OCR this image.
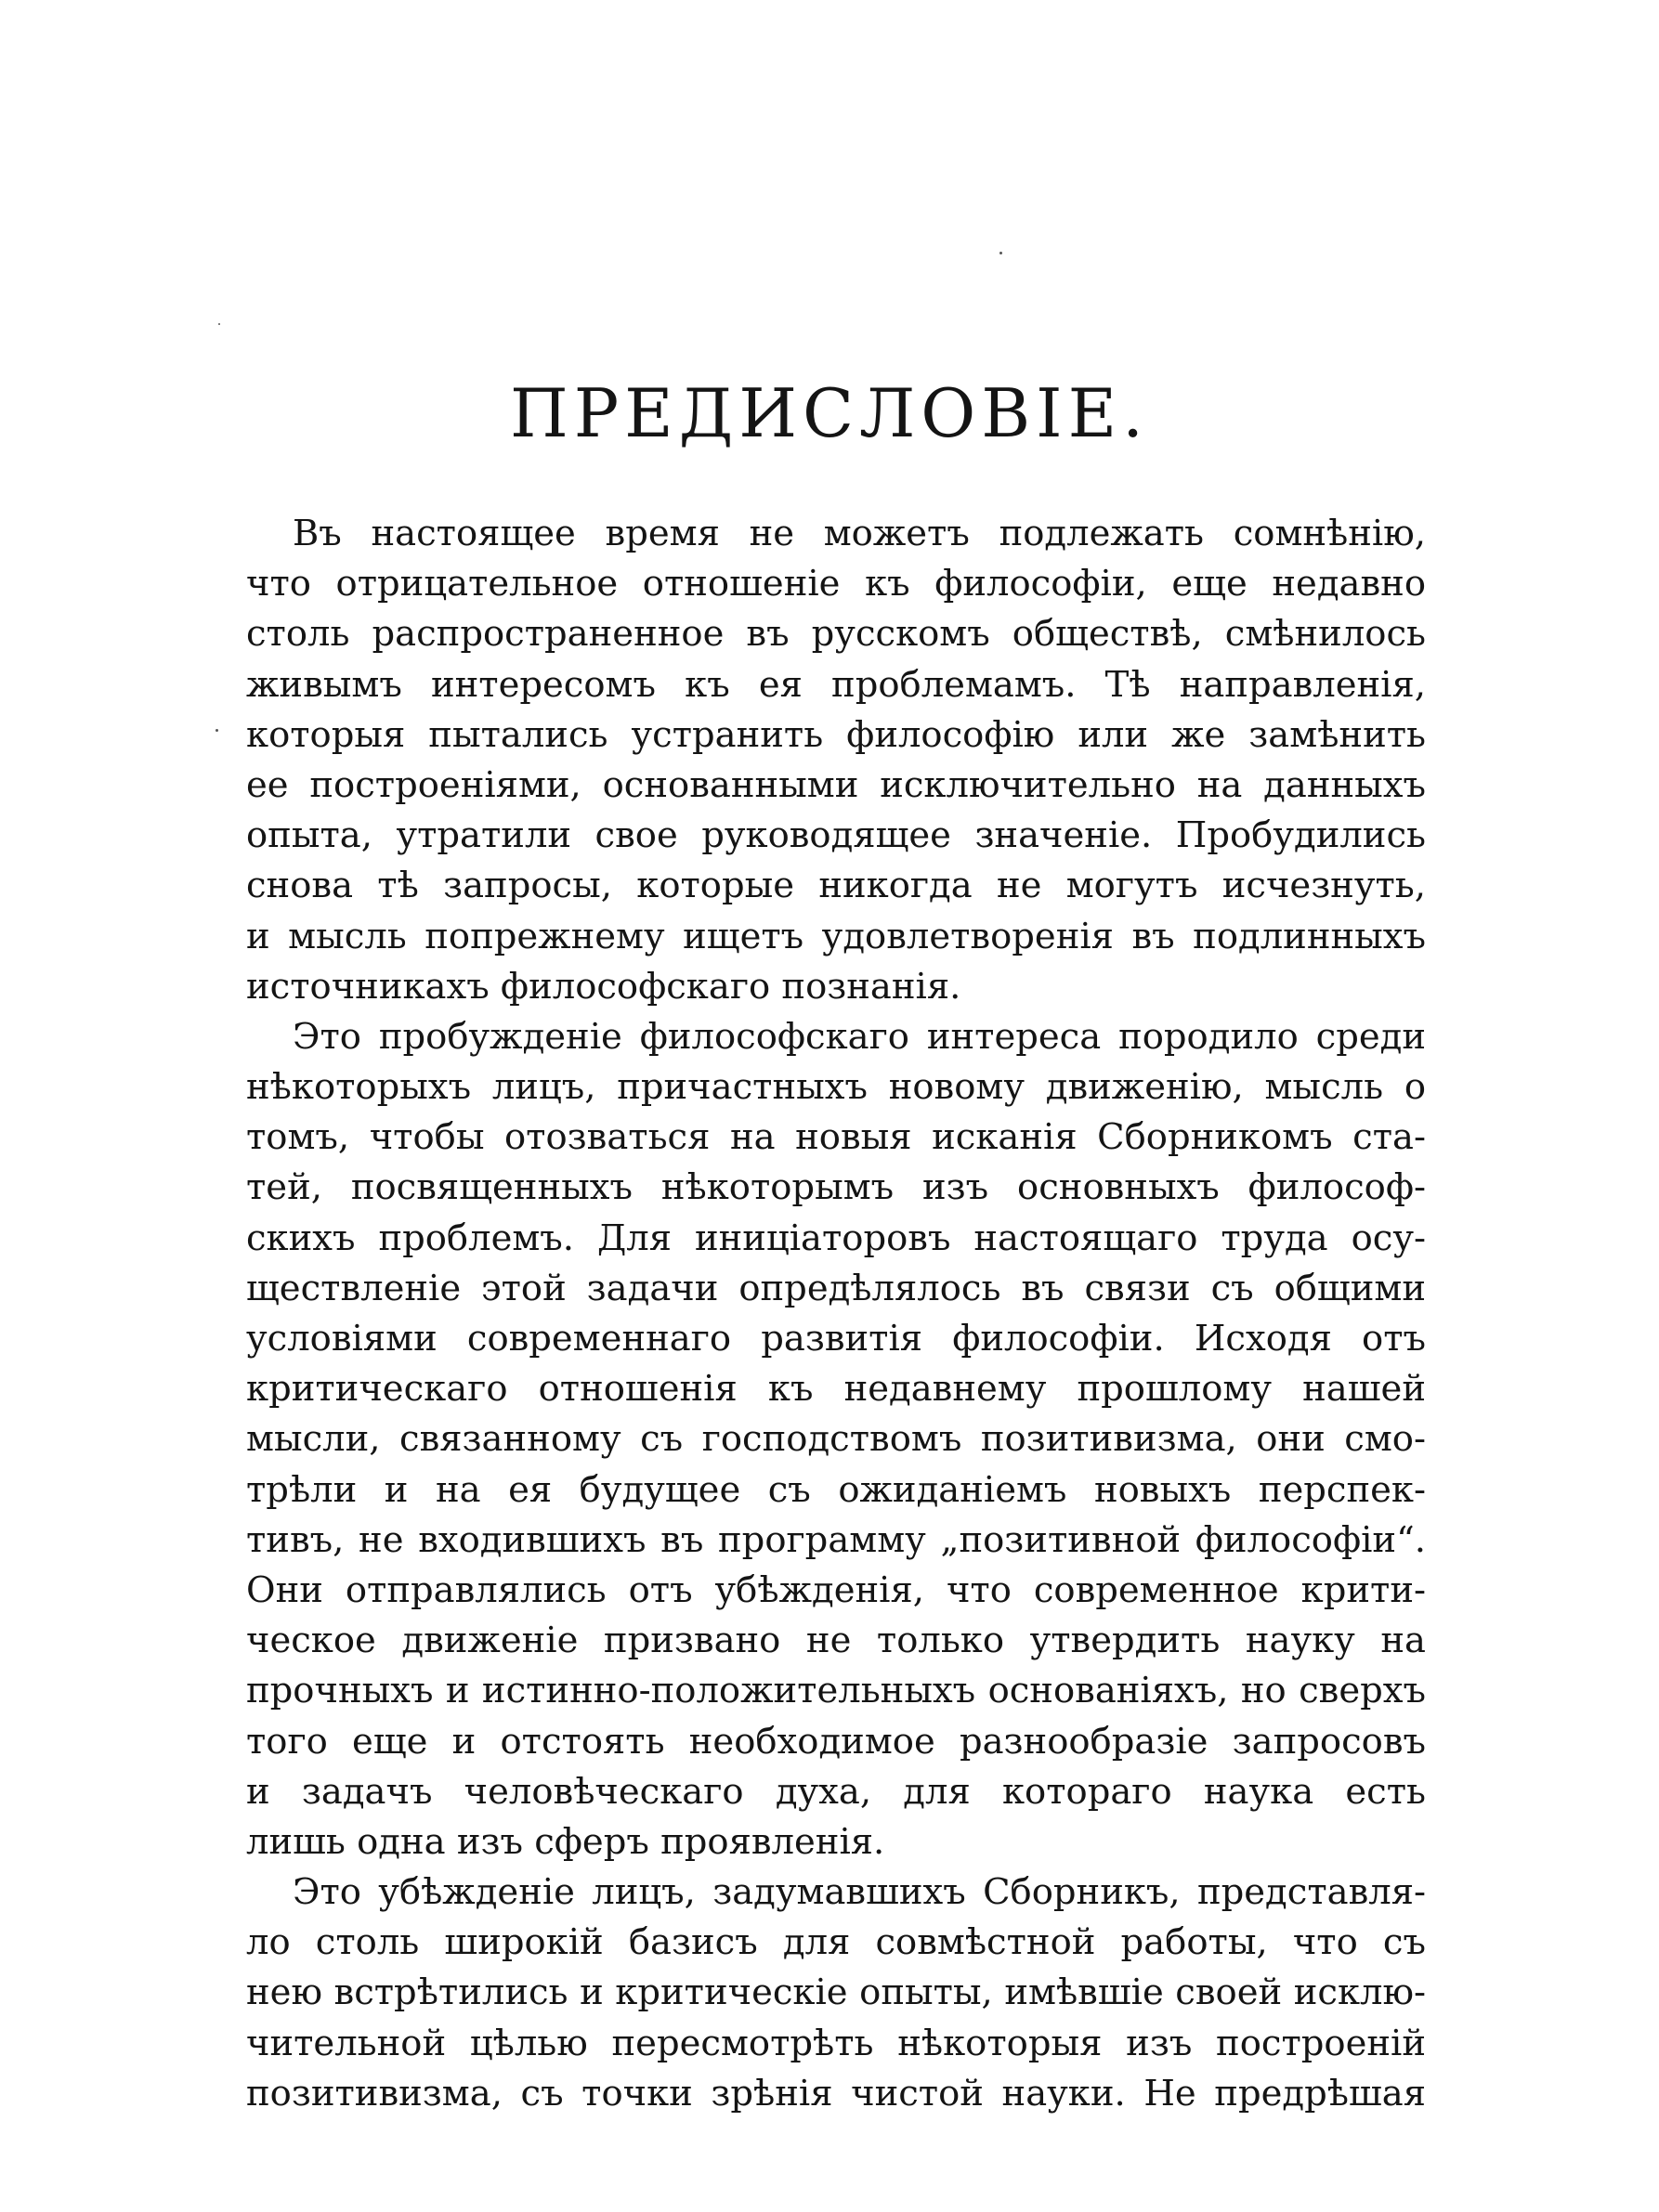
ПРЕДИСЛОВІЕ.
Въ настоящее время не можетъ подлежать сомнѣнію,
что отрицательное отношеніе къ философіи, еще недавно
столь распространенное въ русскомъ обществѣ, смѣнилось
живымъ интересомъ къ ея проблемамъ. Тѣ направленія,
которыя пытались устранить философію или же замѣнить
ее построеніями, основанными исключительно на данныхъ
опыта, утратили свое руководящее значеніе. Пробудились
снова тѣ запросы, которые никогда не могутъ исчезнуть,
и мысль попрежнему ищетъ удовлетворенія въ подлинныхъ
источникахъ философскаго познанія.
Это пробужденіе философскаго интереса породило среди
нѣкоторыхъ лицъ, причастныхъ новому движенію, мысль о
томъ, чтобы отозваться на новыя исканія Сборникомъ ста-
тей, посвященныхъ нѣкоторымъ изъ основныхъ философ-
скихъ проблемъ. Для иниціаторовъ настоящаго труда осу-
ществленіе этой задачи опредѣлялось въ связи съ общими
условіями современнаго развитія философіи. Исходя отъ
критическаго отношенія къ недавнему прошлому нашей
мысли, связанному съ господствомъ позитивизма, они смо-
трѣли и на ея будущее съ ожиданіемъ новыхъ перспек-
тивъ, не входившихъ въ программу „позитивной философіи“.
Они отправлялись отъ убѣжденія, что современное крити-
ческое движеніе призвано не только утвердить науку на
прочныхъ и истинно-положительныхъ основаніяхъ, но сверхъ
того еще и отстоять необходимое разнообразіе запросовъ
и задачъ человѣческаго духа, для котораго наука есть
лишь одна изъ сферъ проявленія.
Это убѣжденіе лицъ, задумавшихъ Сборникъ, представля-
ло столь широкій базисъ для совмѣстной работы, что съ
нею встрѣтились и критическіе опыты, имѣвшіе своей исклю-
чительной цѣлью пересмотрѣть нѣкоторыя изъ построеній
позитивизма, съ точки зрѣнія чистой науки. Не предрѣшая
